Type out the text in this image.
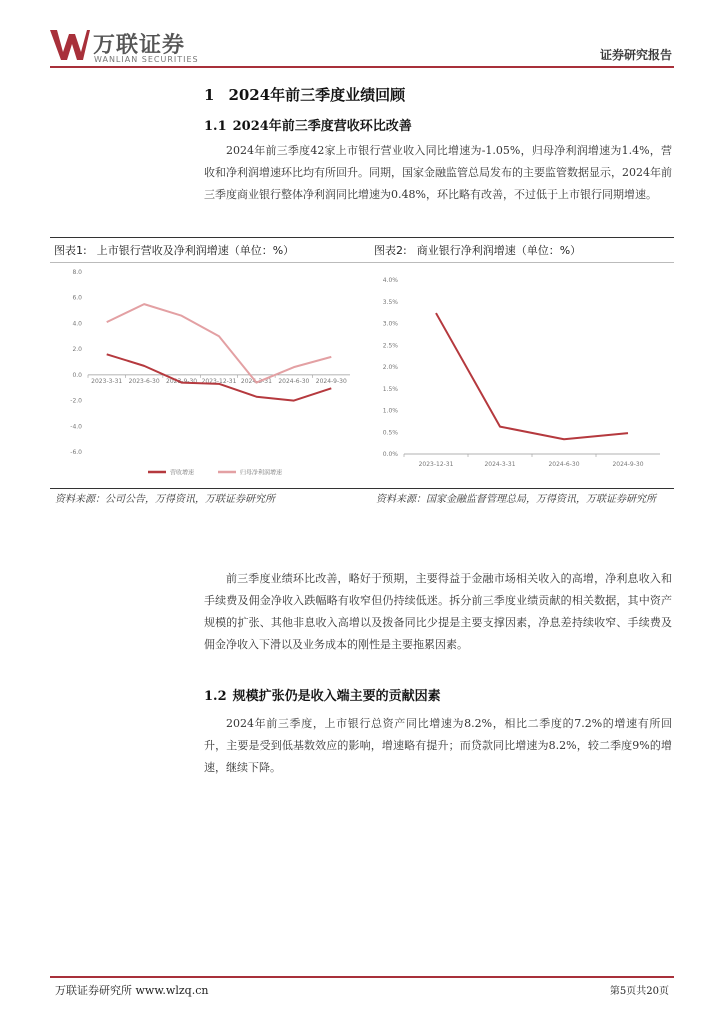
万联证券
WANLIAN SECURITIES	证券研究报告
1 2024年前三季度业绩回顾
1.1 2024年前三季度营收环比改善

2024年前三季度42家上市银行营业收入同比增速为-1.05%，归母净利润增速为1.4%，营收和净利润增速环比均有所回升。同期，国家金融监管总局发布的主要监管数据显示，2024年前三季度商业银行整体净利润同比增速为0.48%，环比略有改善，不过低于上市银行同期增速。

图表1: 上市银行营收及净利润增速（单位：%）	图表2: 商业银行净利润增速（单位：%）
8.0
6.0
4.0
2.0
0.0
-2.0
-4.0
-6.0
2023-3-31 2023-6-30 2023-9-30 2023-12-31 2024-3-31 2024-6-30 2024-9-30
营收增速	归母净利润增速
4.0%
3.5%
3.0%
2.5%
2.0%
1.5%
1.0%
0.5%
0.0%
2023-12-31	2024-3-31	2024-6-30	2024-9-30
资料来源：公司公告，万得资讯，万联证券研究所	资料来源：国家金融监督管理总局，万得资讯，万联证券研究所

前三季度业绩环比改善，略好于预期，主要得益于金融市场相关收入的高增，净利息收入和手续费及佣金净收入跌幅略有收窄但仍持续低迷。拆分前三季度业绩贡献的相关数据，其中资产规模的扩张、其他非息收入高增以及拨备同比少提是主要支撑因素，净息差持续收窄、手续费及佣金净收入下滑以及业务成本的刚性是主要拖累因素。

1.2 规模扩张仍是收入端主要的贡献因素

2024年前三季度，上市银行总资产同比增速为8.2%，相比二季度的7.2%的增速有所回升，主要是受到低基数效应的影响，增速略有提升；而贷款同比增速为8.2%，较二季度9%的增速，继续下降。

万联证券研究所 www.wlzq.cn	第5页共20页
